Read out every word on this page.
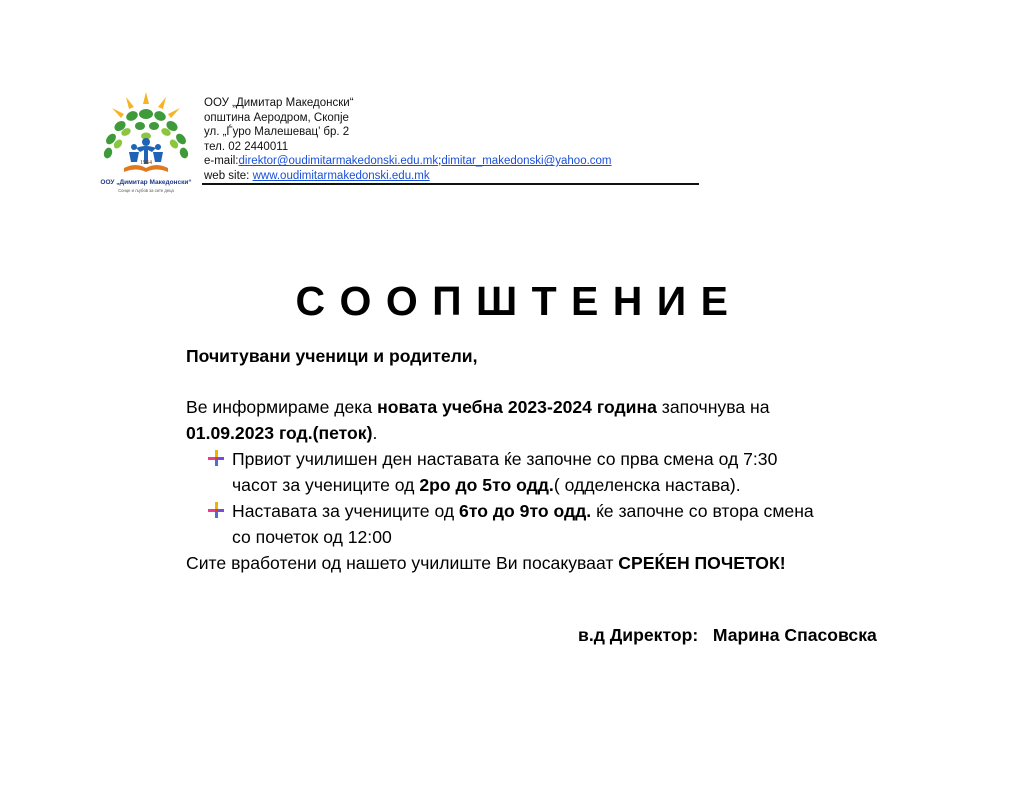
1964
ООУ „Димитар Македонски“
Сонце и љубов за сите деца
ООУ „Димитар Македонски“
општина Аеродром, Скопје
ул. „Ѓуро Малешевац’ бр. 2
тел. 02 2440011
e-mail:direktor@oudimitarmakedonski.edu.mk;dimitar_makedonski@yahoo.com
web site: www.oudimitarmakedonski.edu.mk
С О О П Ш Т Е Н И Е

Почитувани ученици и родители,

Ве информираме дека новата учебна 2023-2024 година започнува на

01.09.2023 год.(петок).

Првиот училишен ден наставата ќе започне со прва смена од 7:30

часот за учениците од 2ро до 5то одд.( одделенска настава).

Наставата за учениците од 6то до 9то одд. ќе започне со втора смена

со почеток од 12:00

Сите вработени од нашето училиште Ви посакуваат СРЕЌЕН ПОЧЕТОК!

в.д Директор: Марина Спасовска
